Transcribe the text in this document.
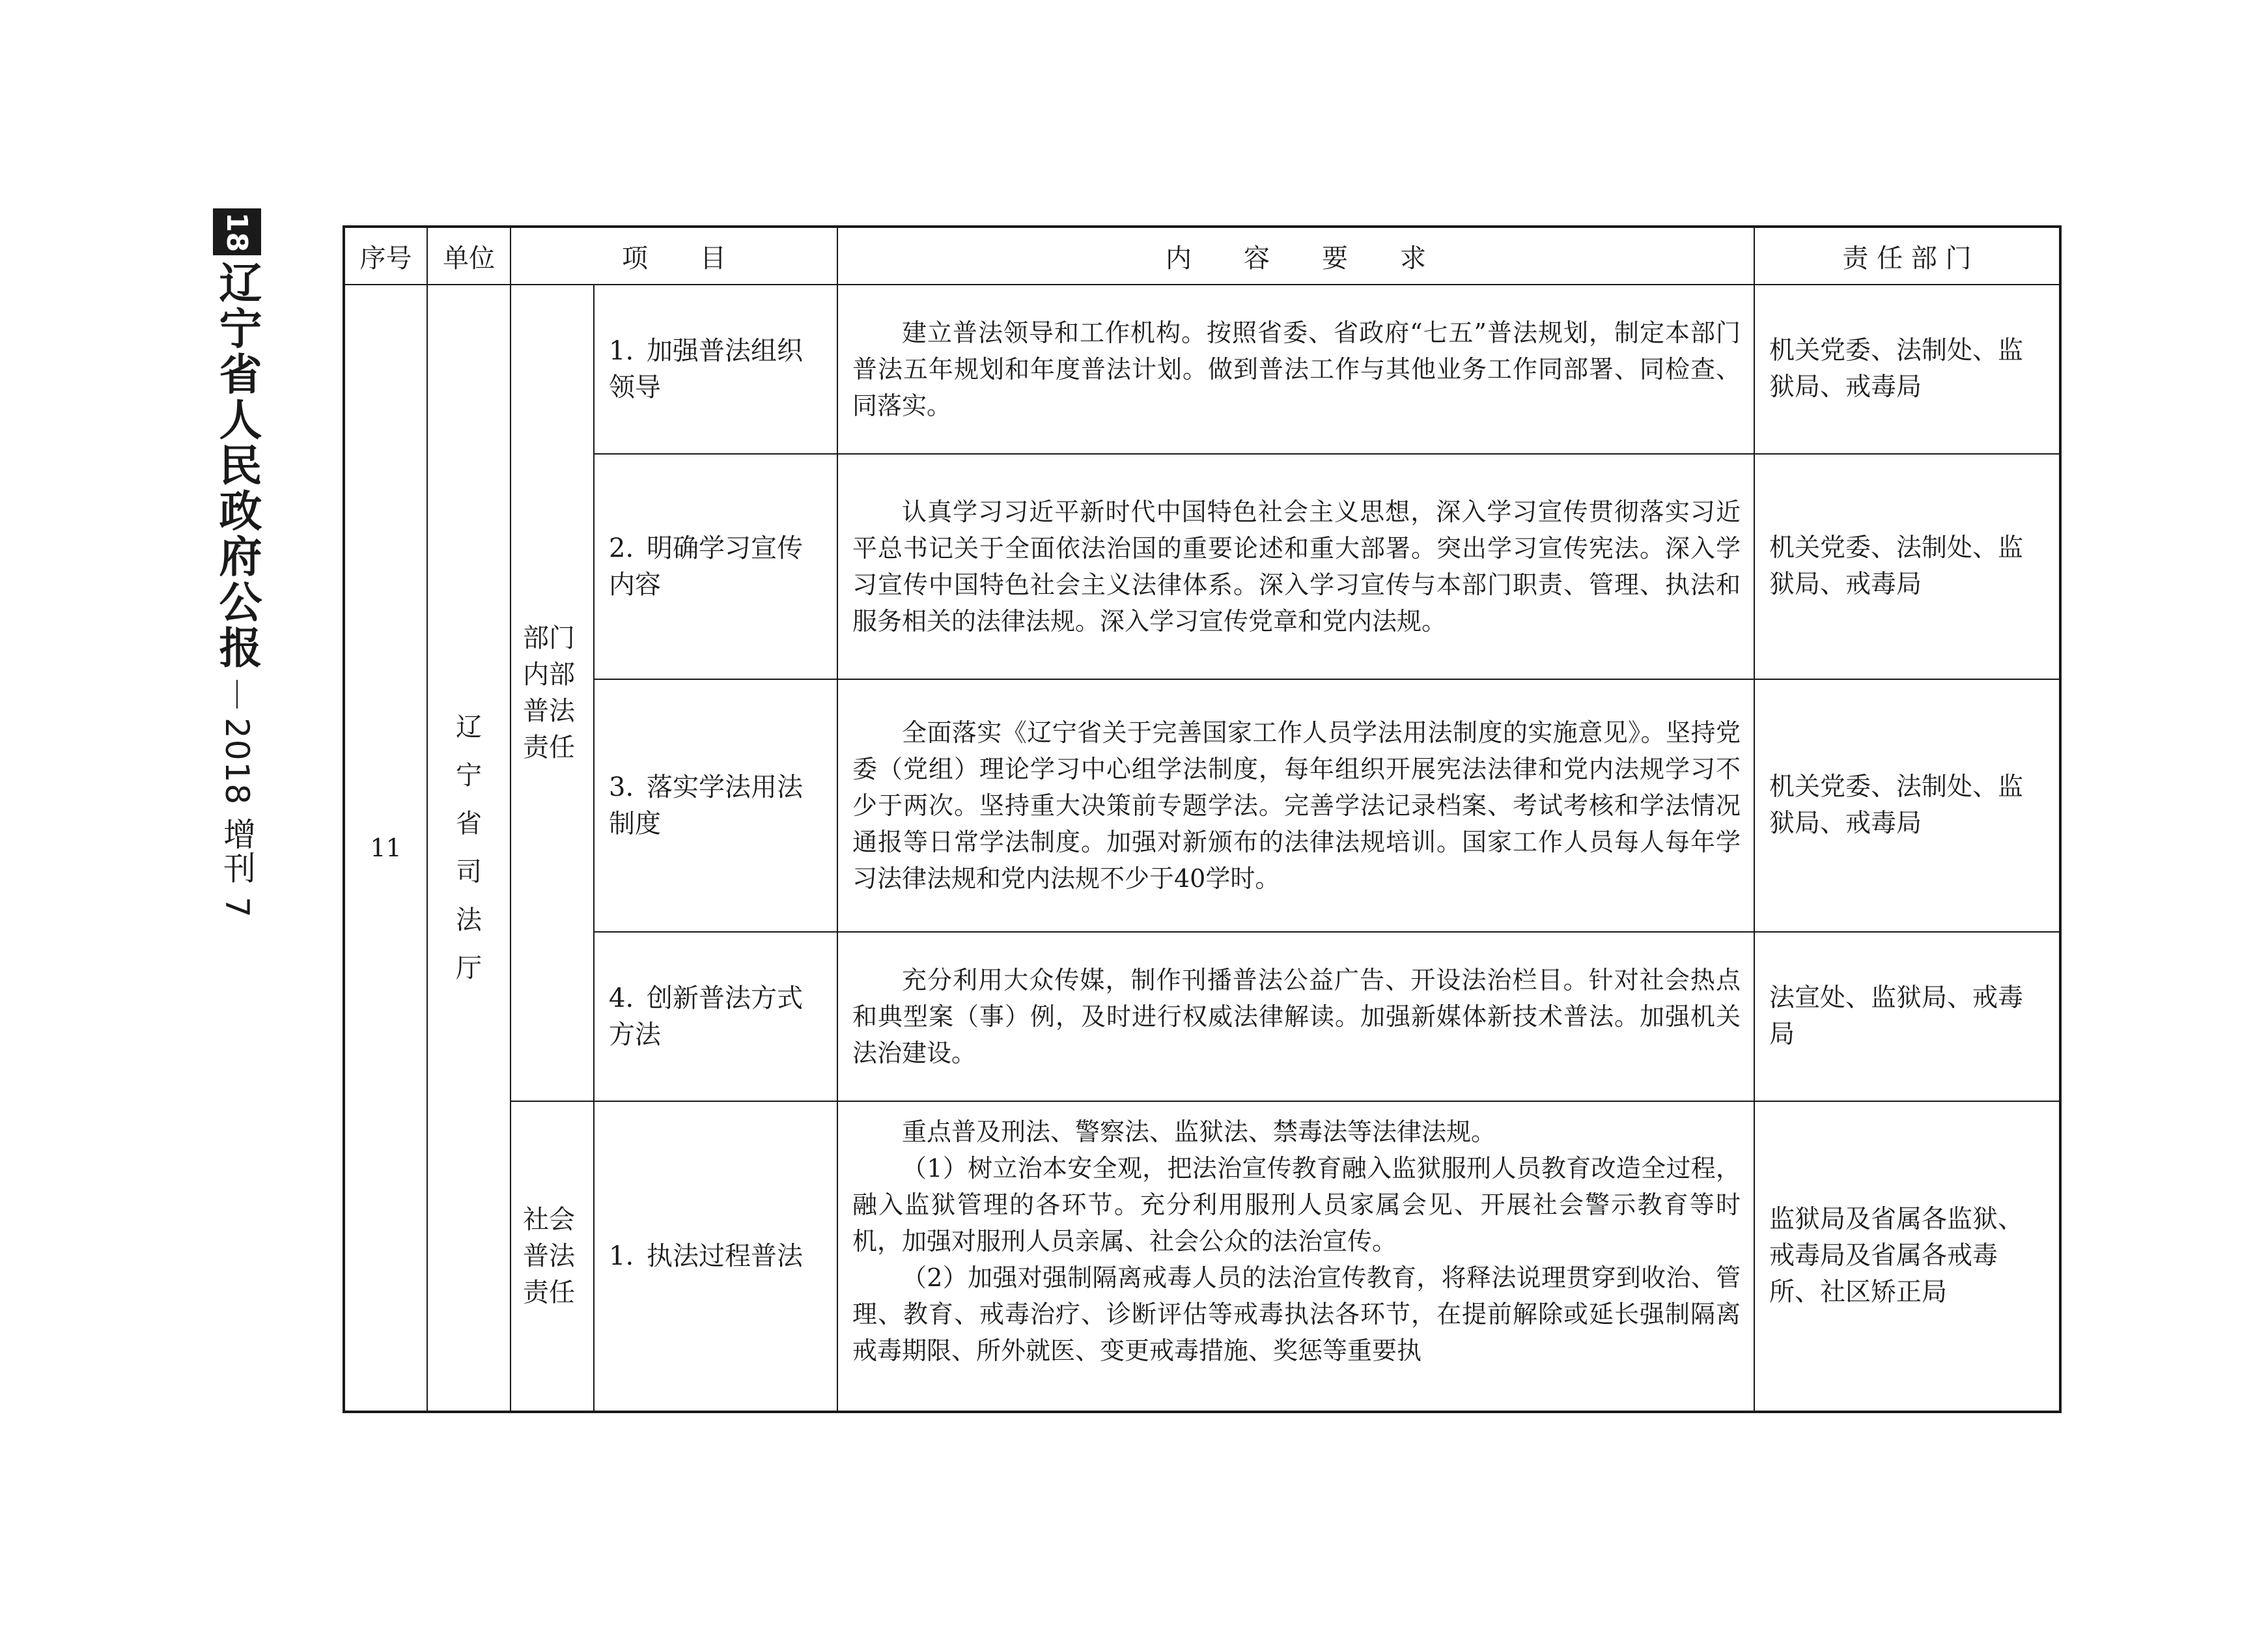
18
辽宁省人民政府公报
2018 增刊 7
序号	单位	项　　目		内　　容　　要　　求	责 任 部 门
11	辽宁省司法厅	部门内部普法责任	1. 加强普法组织领导	建立普法领导和工作机构。按照省委、省政府“七五”普法规划，制定本部门普法五年规划和年度普法计划。做到普法工作与其他业务工作同部署、同检查、同落实。	机关党委、法制处、监狱局、戒毒局
			2. 明确学习宣传内容	认真学习习近平新时代中国特色社会主义思想，深入学习宣传贯彻落实习近平总书记关于全面依法治国的重要论述和重大部署。突出学习宣传宪法。深入学习宣传中国特色社会主义法律体系。深入学习宣传与本部门职责、管理、执法和服务相关的法律法规。深入学习宣传党章和党内法规。	机关党委、法制处、监狱局、戒毒局
			3. 落实学法用法制度	全面落实《辽宁省关于完善国家工作人员学法用法制度的实施意见》。坚持党委（党组）理论学习中心组学法制度，每年组织开展宪法法律和党内法规学习不少于两次。坚持重大决策前专题学法。完善学法记录档案、考试考核和学法情况通报等日常学法制度。加强对新颁布的法律法规培训。国家工作人员每人每年学习法律法规和党内法规不少于40学时。	机关党委、法制处、监狱局、戒毒局
			4. 创新普法方式方法	充分利用大众传媒，制作刊播普法公益广告、开设法治栏目。针对社会热点和典型案（事）例，及时进行权威法律解读。加强新媒体新技术普法。加强机关法治建设。	法宣处、监狱局、戒毒局
		社会普法责任	1. 执法过程普法	重点普及刑法、警察法、监狱法、禁毒法等法律法规。

（1）树立治本安全观，把法治宣传教育融入监狱服刑人员教育改造全过程，融入监狱管理的各环节。充分利用服刑人员家属会见、开展社会警示教育等时机，加强对服刑人员亲属、社会公众的法治宣传。

（2）加强对强制隔离戒毒人员的法治宣传教育，将释法说理贯穿到收治、管理、教育、戒毒治疗、诊断评估等戒毒执法各环节，在提前解除或延长强制隔离戒毒期限、所外就医、变更戒毒措施、奖惩等重要执	监狱局及省属各监狱、戒毒局及省属各戒毒所、社区矫正局
